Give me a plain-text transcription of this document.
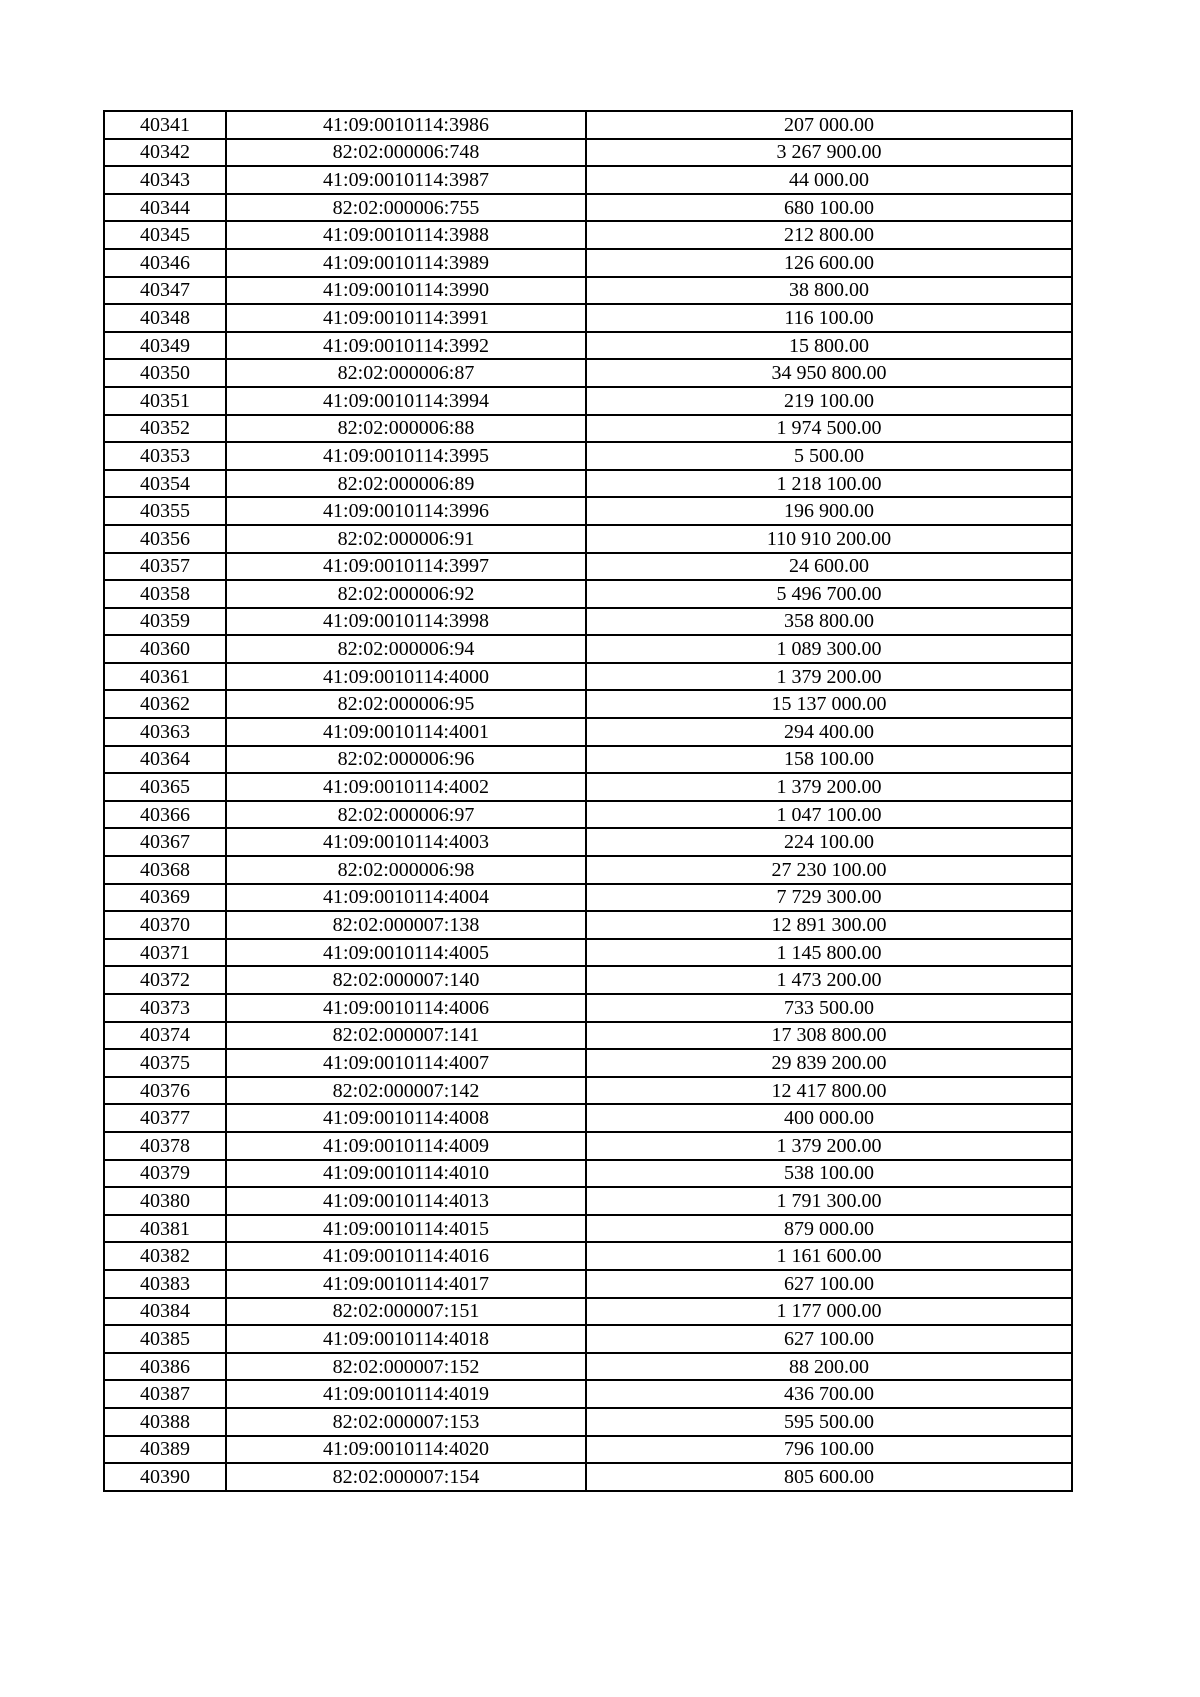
40341	41:09:0010114:3986	207 000.00
40342	82:02:000006:748	3 267 900.00
40343	41:09:0010114:3987	44 000.00
40344	82:02:000006:755	680 100.00
40345	41:09:0010114:3988	212 800.00
40346	41:09:0010114:3989	126 600.00
40347	41:09:0010114:3990	38 800.00
40348	41:09:0010114:3991	116 100.00
40349	41:09:0010114:3992	15 800.00
40350	82:02:000006:87	34 950 800.00
40351	41:09:0010114:3994	219 100.00
40352	82:02:000006:88	1 974 500.00
40353	41:09:0010114:3995	5 500.00
40354	82:02:000006:89	1 218 100.00
40355	41:09:0010114:3996	196 900.00
40356	82:02:000006:91	110 910 200.00
40357	41:09:0010114:3997	24 600.00
40358	82:02:000006:92	5 496 700.00
40359	41:09:0010114:3998	358 800.00
40360	82:02:000006:94	1 089 300.00
40361	41:09:0010114:4000	1 379 200.00
40362	82:02:000006:95	15 137 000.00
40363	41:09:0010114:4001	294 400.00
40364	82:02:000006:96	158 100.00
40365	41:09:0010114:4002	1 379 200.00
40366	82:02:000006:97	1 047 100.00
40367	41:09:0010114:4003	224 100.00
40368	82:02:000006:98	27 230 100.00
40369	41:09:0010114:4004	7 729 300.00
40370	82:02:000007:138	12 891 300.00
40371	41:09:0010114:4005	1 145 800.00
40372	82:02:000007:140	1 473 200.00
40373	41:09:0010114:4006	733 500.00
40374	82:02:000007:141	17 308 800.00
40375	41:09:0010114:4007	29 839 200.00
40376	82:02:000007:142	12 417 800.00
40377	41:09:0010114:4008	400 000.00
40378	41:09:0010114:4009	1 379 200.00
40379	41:09:0010114:4010	538 100.00
40380	41:09:0010114:4013	1 791 300.00
40381	41:09:0010114:4015	879 000.00
40382	41:09:0010114:4016	1 161 600.00
40383	41:09:0010114:4017	627 100.00
40384	82:02:000007:151	1 177 000.00
40385	41:09:0010114:4018	627 100.00
40386	82:02:000007:152	88 200.00
40387	41:09:0010114:4019	436 700.00
40388	82:02:000007:153	595 500.00
40389	41:09:0010114:4020	796 100.00
40390	82:02:000007:154	805 600.00
